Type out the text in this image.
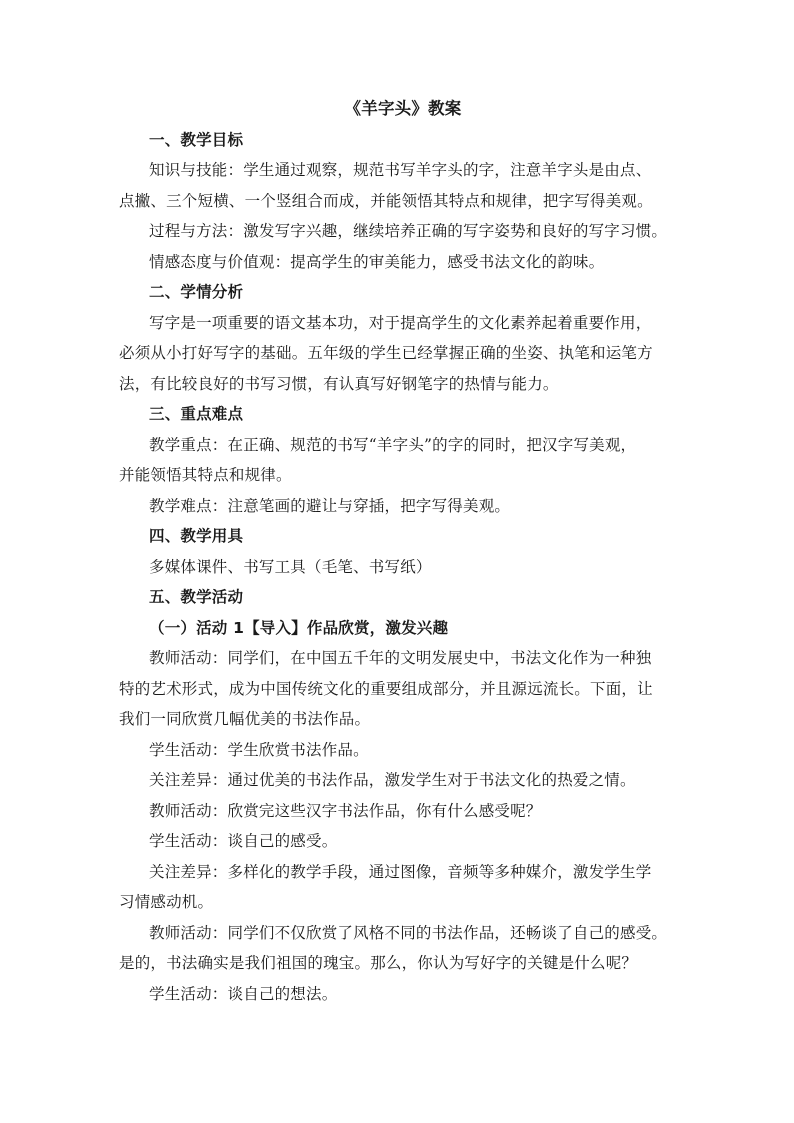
《羊字头》教案
一、教学目标
知识与技能：学生通过观察，规范书写羊字头的字，注意羊字头是由点、
点撇、三个短横、一个竖组合而成，并能领悟其特点和规律，把字写得美观。
过程与方法：激发写字兴趣，继续培养正确的写字姿势和良好的写字习惯。
情感态度与价值观：提高学生的审美能力，感受书法文化的韵味。
二、学情分析
写字是一项重要的语文基本功，对于提高学生的文化素养起着重要作用，
必须从小打好写字的基础。五年级的学生已经掌握正确的坐姿、执笔和运笔方
法，有比较良好的书写习惯，有认真写好钢笔字的热情与能力。
三、重点难点
教学重点：在正确、规范的书写“羊字头”的字的同时，把汉字写美观，
并能领悟其特点和规律。
教学难点：注意笔画的避让与穿插，把字写得美观。
四、教学用具
多媒体课件、书写工具（毛笔、书写纸）
五、教学活动
（一）活动 1【导入】作品欣赏，激发兴趣
教师活动：同学们，在中国五千年的文明发展史中，书法文化作为一种独
特的艺术形式，成为中国传统文化的重要组成部分，并且源远流长。下面，让
我们一同欣赏几幅优美的书法作品。
学生活动：学生欣赏书法作品。
关注差异：通过优美的书法作品，激发学生对于书法文化的热爱之情。
教师活动：欣赏完这些汉字书法作品，你有什么感受呢？
学生活动：谈自己的感受。
关注差异：多样化的教学手段，通过图像，音频等多种媒介，激发学生学
习情感动机。
教师活动：同学们不仅欣赏了风格不同的书法作品，还畅谈了自己的感受。
是的，书法确实是我们祖国的瑰宝。那么，你认为写好字的关键是什么呢？
学生活动：谈自己的想法。
